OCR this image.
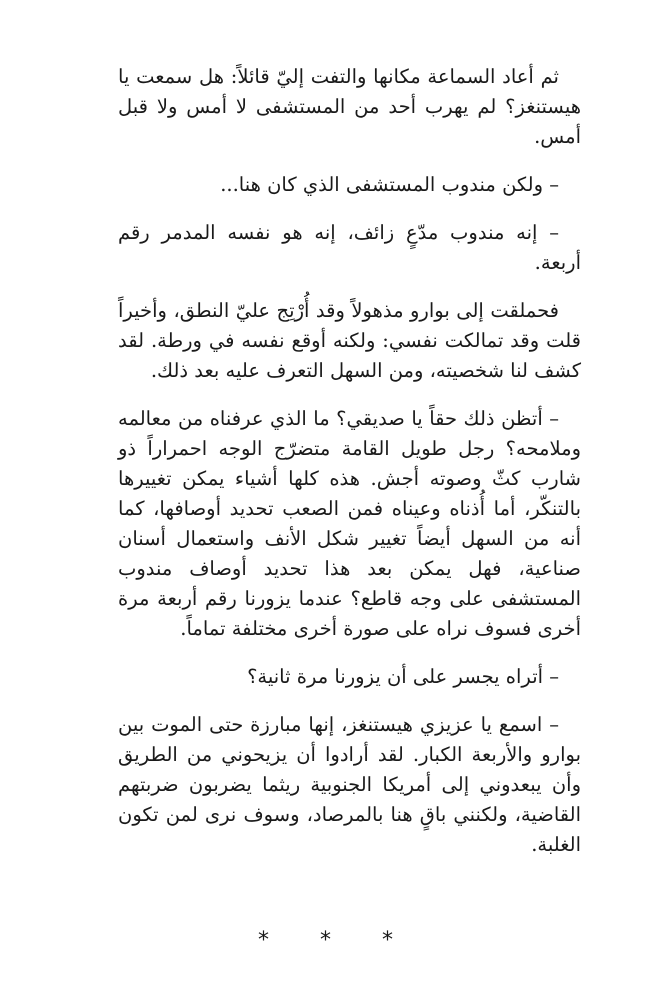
ثم أعاد السماعة مكانها والتفت إليّ قائلاً: هل سمعت يا هيستنغز؟ لم يهرب أحد من المستشفى لا أمس ولا قبل أمس.

– ولكن مندوب المستشفى الذي كان هنا...

– إنه مندوب مدّعٍ زائف، إنه هو نفسه المدمر رقم أربعة.

فحملقت إلى بوارو مذهولاً وقد أُرْتِج عليّ النطق، وأخيراً قلت وقد تمالكت نفسي: ولكنه أوقع نفسه في ورطة. لقد كشف لنا شخصيته، ومن السهل التعرف عليه بعد ذلك.

– أتظن ذلك حقاً يا صديقي؟ ما الذي عرفناه من معالمه وملامحه؟ رجل طويل القامة متضرّج الوجه احمراراً ذو شارب كثّ وصوته أجش. هذه كلها أشياء يمكن تغييرها بالتنكّر، أما أُذناه وعيناه فمن الصعب تحديد أوصافها، كما أنه من السهل أيضاً تغيير شكل الأنف واستعمال أسنان صناعية، فهل يمكن بعد هذا تحديد أوصاف مندوب المستشفى على وجه قاطع؟ عندما يزورنا رقم أربعة مرة أخرى فسوف نراه على صورة أخرى مختلفة تماماً.

– أتراه يجسر على أن يزورنا مرة ثانية؟

– اسمع يا عزيزي هيستنغز، إنها مبارزة حتى الموت بين بوارو والأربعة الكبار. لقد أرادوا أن يزيحوني من الطريق وأن يبعدوني إلى أمريكا الجنوبية ريثما يضربون ضربتهم القاضية، ولكنني باقٍ هنا بالمرصاد، وسوف نرى لمن تكون الغلبة.

* * *
